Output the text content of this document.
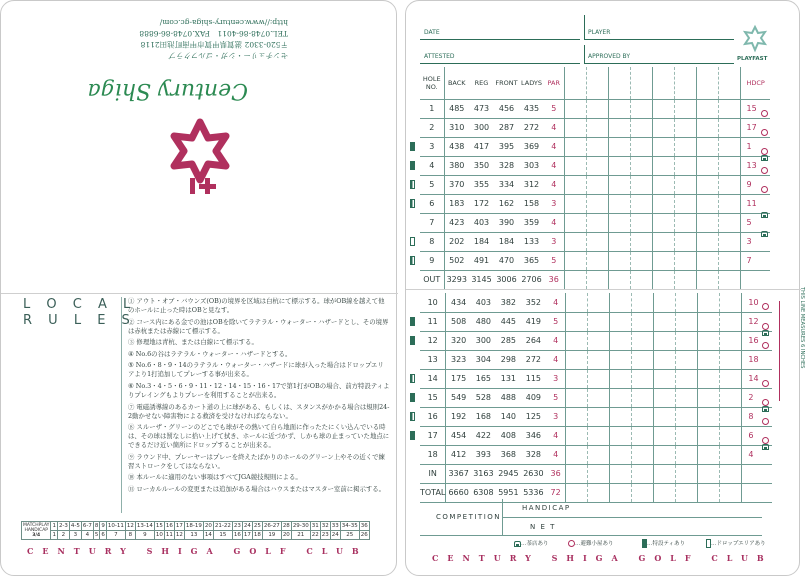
センチュリー・シガ・ゴルフクラブ
〒520-3302 滋賀県甲賀市甲南町池田2118
TEL.0748-86-4011　FAX.0748-86-6888
http://www.century-shiga-gc.com/
Century Shiga
L O C A L
R U L E S
① アウト・オブ・バウンズ(OB)の境界を区域は白杭にて標示する。球がOB線を越えて他のホールに止った時はOBと見なす。
② コース内にある金での池はOBを除いてラテラル・ウォーター・ハザードとし、その境界は赤杭または赤線にて標示する。
③ 修理地は青杭、または白線にて標示する。
④ No.6の谷はラテラル・ウォーター・ハザードとする。
⑤ No.6・8・9・14のラテラル・ウォーター・ハザードに球が入った場合はドロップエリアより1打追加してプレーする事が出来る。
⑥ No.3・4・5・6・9・11・12・14・15・16・17で第1打がOBの場合、前方特設ティよりプレイングもよりプレーを利用することが出来る。
⑦ 電磁誘導線のあるカート道の上に球がある、もしくは、スタンスがかかる場合は規則24-2動かせない障害物による救済を受けなければならない。
⑧ スルーザ・グリーンのどこでも球がその熱いて自ら地面に作ったたにくい込んでいる時は、その球は罰なしに拾い上げて拭き、ホールに近づかず、しかも球の止まっていた地点にできるだけ近い箇所にドロップすることが出来る。
⑨ ラウンド中、プレーヤーはプレーを終えたばかりのホールのグリーン上やその近くで練習ストロークをしてはならない。
⑩ 本ルールに適用のない事項はすべてJGA競技規則による。
⑪ ローカルルールの変更または追加がある場合はハウスまたはマスター室前に掲示する。
MATCHPLAY HANDICAP
3/4	1	2-3	4-5	6-7	8	9	10-11	12	13-14	15	16	17	18-19	20	21-22	23	24	25	26-27	28	29-30	31	32	33	34-35	36
	1	2	3	4	5	6	7	8	9	10	11	12	13	14	15	16	17	18	19	20	21	22	23	24	25	26
CENTURY SHIGA GOLF CLUB
DATE	PLAYER
ATTESTED	APPROVED BY	PLAYFAST
HOLE NO.	BACK	REG	FRONT	LADYS	PAR									HDCP
1	485	473	456	435	5									15

2	310	300	287	272	4									17

3	438	417	395	369	4									1

4	380	350	328	303	4									13

5	370	355	334	312	4									9

6	183	172	162	158	3									11
7	423	403	390	359	4									5

8	202	184	184	133	3									3

9	502	491	470	365	5									7
OUT	3293	3145	3006	2706	36									
10	434	403	382	352	4									10

11	508	480	445	419	5									12

12	320	300	285	264	4									16

13	323	304	298	272	4									18
14	175	165	131	115	3									14

15	549	528	488	409	5									2

16	192	168	140	125	3									8

17	454	422	408	346	4									6

18	412	393	368	328	4									4

IN	3367	3163	2945	2630	36									
TOTAL	6660	6308	5951	5336	72									
THIS LINE MEASURES 6 INCHES
COMPETITION
HANDICAP
N E T
…茶店あり	…避難小屋あり	…特設ティあり	…ドロップエリアあり
CENTURY SHIGA GOLF CLUB
